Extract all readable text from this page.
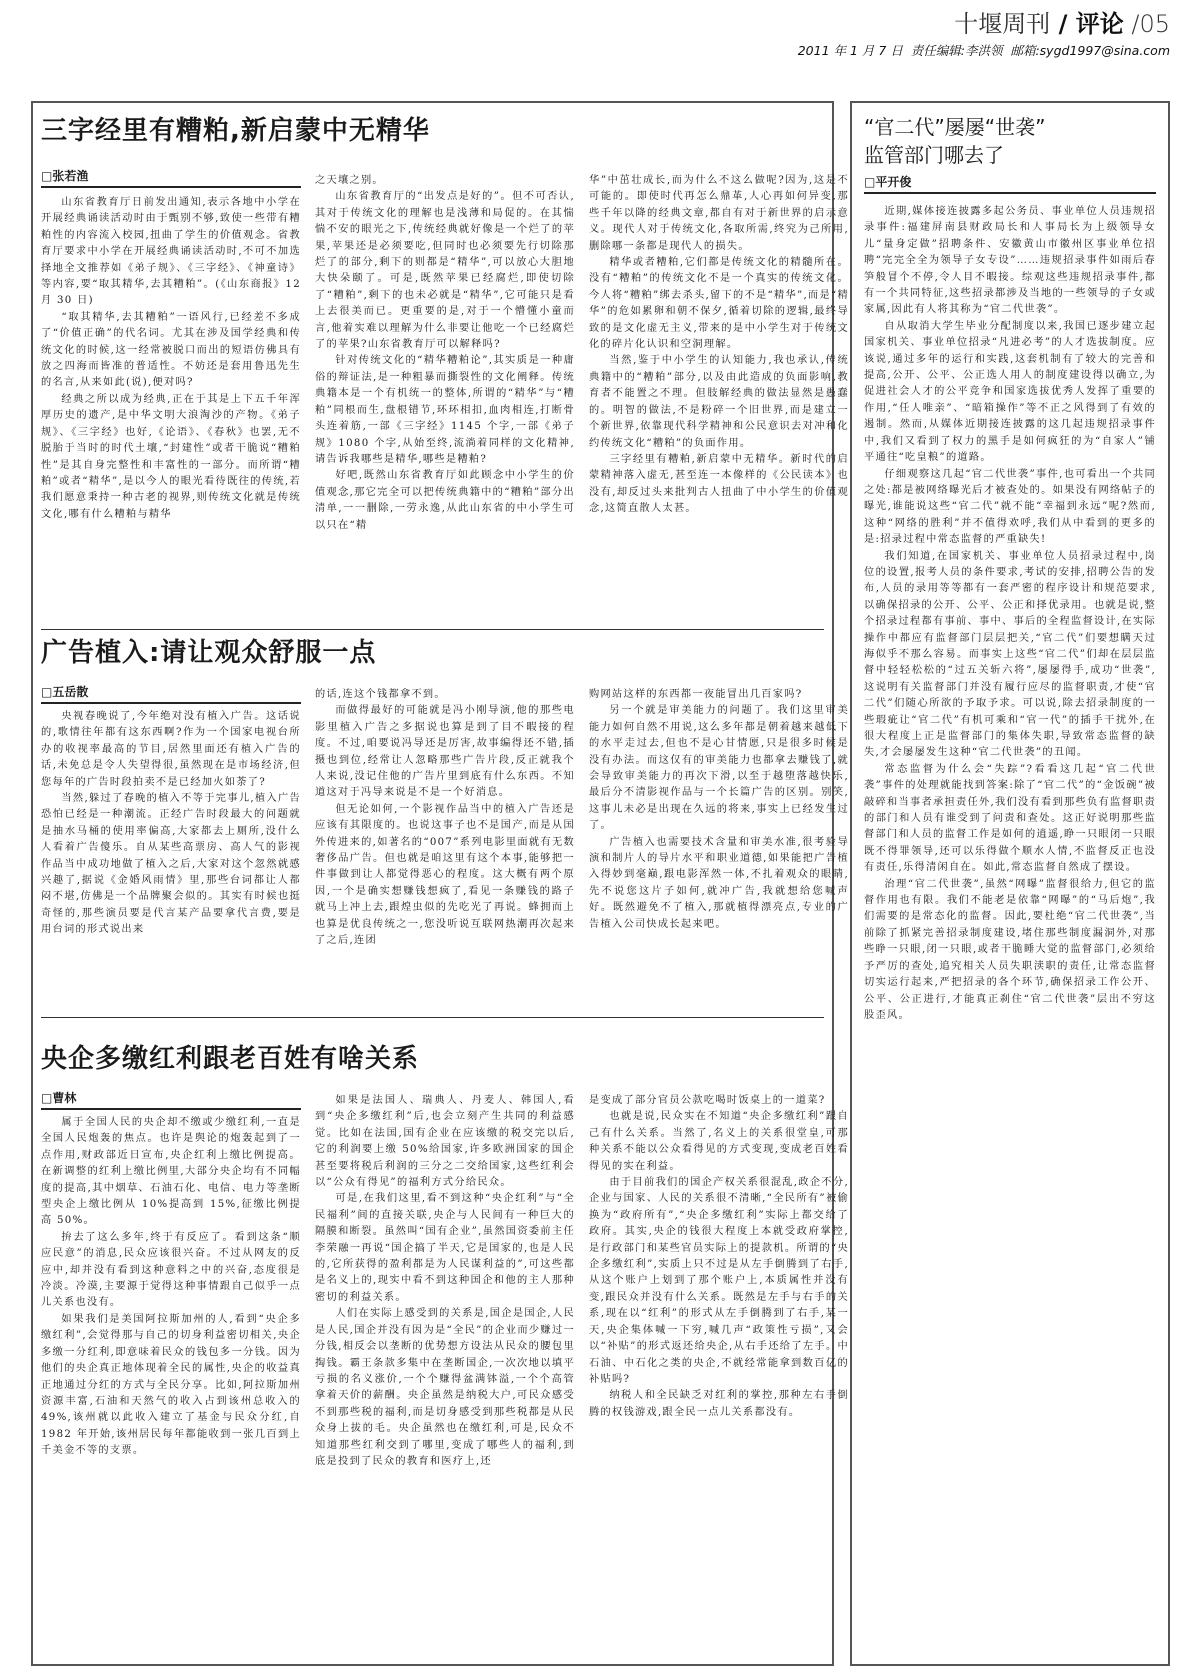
十堰周刊 / 评论 /05
2011 年 1 月 7 日 责任编辑:李洪领 邮箱:sygd1997@sina.com
三字经里有糟粕,新启蒙中无精华
□张若渔

山东省教育厅日前发出通知,表示各地中小学在开展经典诵读活动时由于甄别不够,致使一些带有糟粕性的内容流入校园,扭曲了学生的价值观念。省教育厅要求中小学在开展经典诵读活动时,不可不加选择地全文推荐如《弟子规》、《三字经》、《神童诗》等内容,要“取其精华,去其糟粕”。(《山东商报》12 月 30 日)

“取其精华,去其糟粕”一语风行,已经差不多成了“价值正确”的代名词。尤其在涉及国学经典和传统文化的时候,这一经常被脱口而出的短语仿佛具有放之四海而皆准的普适性。不妨还是套用鲁迅先生的名言,从来如此(说),便对吗?

经典之所以成为经典,正在于其是上下五千年浑厚历史的遗产,是中华文明大浪淘沙的产物。《弟子规》、《三字经》也好,《论语》、《春秋》也罢,无不脱胎于当时的时代土壤,“封建性”或者干脆说“糟粕性”是其自身完整性和丰富性的一部分。而所谓“糟粕”或者“精华”,是以今人的眼光看待既往的传统,若我们愿意秉持一种古老的视界,则传统文化就是传统文化,哪有什么糟粕与精华

之天壤之别。

山东省教育厅的“出发点是好的”。但不可否认,其对于传统文化的理解也是浅薄和局促的。在其惴惴不安的眼光之下,传统经典就好像是一个烂了的苹果,苹果还是必须要吃,但同时也必须要先行切除那烂了的部分,剩下的则都是“精华”,可以放心大胆地大快朵颐了。可是,既然苹果已经腐烂,即使切除了“糟粕”,剩下的也未必就是“精华”,它可能只是看上去很美而已。更重要的是,对于一个懵懂小童而言,他着实难以理解为什么非要让他吃一个已经腐烂了的苹果?山东省教育厅可以解释吗?

针对传统文化的“精华糟粕论”,其实质是一种庸俗的辩证法,是一种粗暴而撕裂性的文化阐释。传统典籍本是一个有机统一的整体,所谓的“精华”与“糟粕”同根而生,盘根错节,环环相扣,血肉相连,打断骨头连着筋,一部《三字经》1145 个字,一部《弟子规》1080 个字,从始至终,流淌着同样的文化精神,请告诉我哪些是精华,哪些是糟粕?

好吧,既然山东省教育厅如此顾念中小学生的价值观念,那它完全可以把传统典籍中的“糟粕”部分出清单,一一删除,一劳永逸,从此山东省的中小学生可以只在“精

华”中茁壮成长,而为什么不这么做呢?因为,这是不可能的。即使时代再怎么鼎革,人心再如何异变,那些千年以降的经典文章,都自有对于新世界的启示意义。现代人对于传统文化,各取所需,终究为己所用,删除哪一条都是现代人的损失。

精华或者糟粕,它们都是传统文化的精髓所在。没有“糟粕”的传统文化不是一个真实的传统文化。今人将“糟粕”绑去杀头,留下的不是“精华”,而是“精华”的危如累卵和朝不保夕,循着切除的逻辑,最终导致的是文化虚无主义,带来的是中小学生对于传统文化的碎片化认识和空洞理解。

当然,鉴于中小学生的认知能力,我也承认,传统典籍中的“糟粕”部分,以及由此造成的负面影响,教育者不能置之不理。但肢解经典的做法显然是愚蠢的。明智的做法,不是粉碎一个旧世界,而是建立一个新世界,依靠现代科学精神和公民意识去对冲和化约传统文化“糟粕”的负面作用。

三字经里有糟粕,新启蒙中无精华。新时代的启蒙精神落入虚无,甚至连一本像样的《公民读本》也没有,却反过头来批判古人扭曲了中小学生的价值观念,这简直散人太甚。

广告植入:请让观众舒服一点
□五岳散

央视春晚说了,今年绝对没有植入广告。这话说的,歌情往年都有这东西啊?作为一个国家电视台所办的收视率最高的节目,居然里面还有植入广告的话,未免总是令人失望得很,虽然现在是市场经济,但您每年的广告时段拍卖不是已经加火如荼了?

当然,躲过了春晚的植入不等于完事儿,植入广告恐怕已经是一种潮流。正经广告时段最大的问题就是抽水马桶的使用率偏高,大家都去上厕所,没什么人看着广告傻乐。自从某些高票房、高人气的影视作品当中成功地做了植入之后,大家对这个忽然就感兴趣了,据说《金婚风雨情》里,那些台词都让人都闷不堪,仿佛是一个品牌聚会似的。其实有时候也挺奇怪的,那些演员要是代言某产品要拿代言费,要是用台词的形式说出来

的话,连这个钱都拿不到。

而做得最好的可能就是冯小刚导演,他的那些电影里植入广告之多据说也算是到了目不暇接的程度。不过,咱要说冯导还是厉害,故事编得还不错,插摄也到位,经常让人忽略那些广告片段,反正就我个人来说,没记住他的广告片里到底有什么东西。不知道这对于冯导来说是不是一个好消息。

但无论如何,一个影视作品当中的植入广告还是应该有其限度的。也说这事子也不是国产,而是从国外传进来的,如著名的“007”系列电影里面就有无数奢侈品广告。但也就是咱这里有这个本事,能够把一件事做到让人都觉得恶心的程度。这大概有两个原因,一个是确实想赚钱想疯了,看见一条赚钱的路子就马上冲上去,跟煌虫似的先吃光了再说。蜂拥而上也算是优良传统之一,您没听说互联网热潮再次起来了之后,连团

购网站这样的东西都一夜能冒出几百家吗?

另一个就是审美能力的问题了。我们这里审美能力如何自然不用说,这么多年都是朝着越来越低下的水平走过去,但也不是心甘情愿,只是很多时候是没有办法。而这仅有的审美能力也都拿去赚钱了,就会导致审美能力的再次下滑,以至于越堕落越快乐,最后分不清影视作品与一个长篇广告的区别。别笑,这事儿未必是出现在久远的将来,事实上已经发生过了。

广告植入也需要技术含量和审美水准,很考验导演和制片人的导片水平和职业道德,如果能把广告植入得妙到毫巅,跟电影浑然一体,不扎着观众的眼睛,先不说您这片子如何,就冲广告,我就想给您喊声好。既然避免不了植入,那就植得漂亮点,专业的广告植入公司快成长起来吧。

央企多缴红利跟老百姓有啥关系
□曹林

属于全国人民的央企却不缴或少缴红利,一直是全国人民炮轰的焦点。也许是舆论的炮轰起到了一点作用,财政部近日宣布,央企红利上缴比例提高。在新调整的红利上缴比例里,大部分央企均有不同幅度的提高,其中烟草、石油石化、电信、电力等垄断型央企上缴比例从 10%提高到 15%,征缴比例提高 50%。

拚去了这么多年,终于有反应了。看到这条“顺应民意”的消息,民众应该很兴奋。不过从网友的反应中,却并没有看到这种意料之中的兴奋,态度很是冷淡。冷漠,主要源于觉得这种事情跟自己似乎一点儿关系也没有。

如果我们是美国阿拉斯加州的人,看到“央企多缴红利”,会觉得那与自己的切身利益密切相关,央企多缴一分红利,即意味着民众的钱包多一分钱。因为他们的央企真正地体现着全民的属性,央企的收益真正地通过分红的方式与全民分享。比如,阿拉斯加州资源丰富,石油和天然气的收入占到该州总收入的 49%,该州就以此收入建立了基金与民众分红,自 1982 年开始,该州居民每年都能收到一张几百到上千美金不等的支票。

如果是法国人、瑞典人、丹麦人、韩国人,看到“央企多缴红利”后,也会立刻产生共同的利益感觉。比如在法国,国有企业在应该缴的税交完以后,它的利润要上缴 50%给国家,许多欧洲国家的国企甚至要将税后利润的三分之二交给国家,这些红利会以“公众有得见”的福利方式分给民众。

可是,在我们这里,看不到这种“央企红利”与“全民福利”间的直接关联,央企与人民间有一种巨大的隔膜和断裂。虽然叫“国有企业”,虽然国资委前主任李荣融一再说“国企搞了半天,它是国家的,也是人民的,它所获得的盈利都是为人民谋利益的”,可这些都是名义上的,现实中看不到这种国企和他的主人那种密切的利益关系。

人们在实际上感受到的关系是,国企是国企,人民是人民,国企并没有因为是“全民”的企业而少赚过一分钱,相反会以垄断的优势想方设法从民众的腰包里掏钱。霸王条款多集中在垄断国企,一次次地以填平亏损的名义涨价,一个个赚得盆满钵溢,一个个高管拿着天价的薪酬。央企虽然是纳税大户,可民众感受不到那些税的福利,而是切身感受到那些税都是从民众身上拔的毛。央企虽然也在缴红利,可是,民众不知道那些红利交到了哪里,变成了哪些人的福利,到底是投到了民众的教育和医疗上,还

是变成了部分官员公款吃喝时饭桌上的一道菜?

也就是说,民众实在不知道“央企多缴红利”跟自己有什么关系。当然了,名义上的关系很堂皇,可那种关系不能以公众看得见的方式变现,变成老百姓看得见的实在利益。

由于目前我们的国企产权关系很混乱,政企不分,企业与国家、人民的关系很不清晰,“全民所有”被偷换为“政府所有”,“央企多缴红利”实际上都交给了政府。其实,央企的钱很大程度上本就受政府掌控,是行政部门和某些官员实际上的提款机。所谓的“央企多缴红利”,实质上只不过是从左手倒腾到了右手,从这个账户上划到了那个账户上,本质属性并没有变,跟民众并没有什么关系。既然是左手与右手的关系,现在以“红利”的形式从左手倒腾到了右手,某一天,央企集体喊一下穷,喊几声“政策性亏损”,又会以“补贴”的形式返还给央企,从右手还给了左手。中石油、中石化之类的央企,不就经常能拿到数百亿的补贴吗?

纳税人和全民缺乏对红利的掌控,那种左右手倒腾的权钱游戏,跟全民一点儿关系都没有。

“官二代”屡屡“世袭”
监管部门哪去了
□平开俊

近期,媒体接连披露多起公务员、事业单位人员违规招录事件:福建屏南县财政局长和人事局长为上级领导女儿“量身定做”招聘条件、安徽黄山市徽州区事业单位招聘“完完全全为领导子女专设”……违规招录事件如雨后春笋般冒个不停,令人目不暇接。综观这些违规招录事件,都有一个共同特征,这些招录都涉及当地的一些领导的子女或家属,因此有人将其称为“官二代世袭”。

自从取消大学生毕业分配制度以来,我国已逐步建立起国家机关、事业单位招录“凡进必考”的人才选拔制度。应该说,通过多年的运行和实践,这套机制有了较大的完善和提高,公开、公平、公正选人用人的制度建设得以确立,为促进社会人才的公平竞争和国家选拔优秀人发挥了重要的作用,“任人唯亲”、“暗箱操作”等不正之风得到了有效的遏制。然而,从媒体近期接连披露的这几起违规招录事件中,我们又看到了权力的黑手是如何疯狂的为“自家人”铺平通往“吃皇粮”的道路。

仔细观察这几起“官二代世袭”事件,也可看出一个共同之处:都是被网络曝光后才被查处的。如果没有网络帖子的曝光,谁能说这些“官二代”就不能“幸福到永远”呢?然而,这种“网络的胜利”并不值得欢呼,我们从中看到的更多的是:招录过程中常态监督的严重缺失!

我们知道,在国家机关、事业单位人员招录过程中,岗位的设置,报考人员的条件要求,考试的安排,招聘公告的发布,人员的录用等等都有一套严密的程序设计和规范要求,以确保招录的公开、公平、公正和择优录用。也就是说,整个招录过程都有事前、事中、事后的全程监督设计,在实际操作中都应有监督部门层层把关,“官二代”们要想瞒天过海似乎不那么容易。而事实上这些“官二代”们却在层层监督中轻轻松松的“过五关斩六将”,屡屡得手,成功“世袭”,这说明有关监督部门并没有履行应尽的监督职责,才使“官二代”们随心所欲的予取予求。可以说,除去招录制度的一些瑕疵让“官二代”有机可乘和“官一代”的插手干扰外,在很大程度上正是监督部门的集体失职,导致常态监督的缺失,才会屡屡发生这种“官二代世袭”的丑闻。

常态监督为什么会“失踪”?看看这几起“官二代世袭”事件的处理就能找到答案:除了“官二代”的“金饭碗”被敲碎和当事者承担责任外,我们没有看到那些负有监督职责的部门和人员有谁受到了问责和查处。这正好说明那些监督部门和人员的监督工作是如何的逍遥,睁一只眼闭一只眼既不得罪领导,还可以乐得做个顺水人情,不监督反正也没有责任,乐得清闲自在。如此,常态监督自然成了摆设。

治理“官二代世袭”,虽然“网曝”监督很给力,但它的监督作用也有限。我们不能老是依靠“网曝”的“马后炮”,我们需要的是常态化的监督。因此,要杜绝“官二代世袭”,当前除了抓紧完善招录制度建设,堵住那些制度漏洞外,对那些睁一只眼,闭一只眼,或者干脆睡大觉的监督部门,必须给予严厉的查处,追究相关人员失职渎职的责任,让常态监督切实运行起来,严把招录的各个环节,确保招录工作公开、公平、公正进行,才能真正刹住“官二代世袭”层出不穷这股歪风。
